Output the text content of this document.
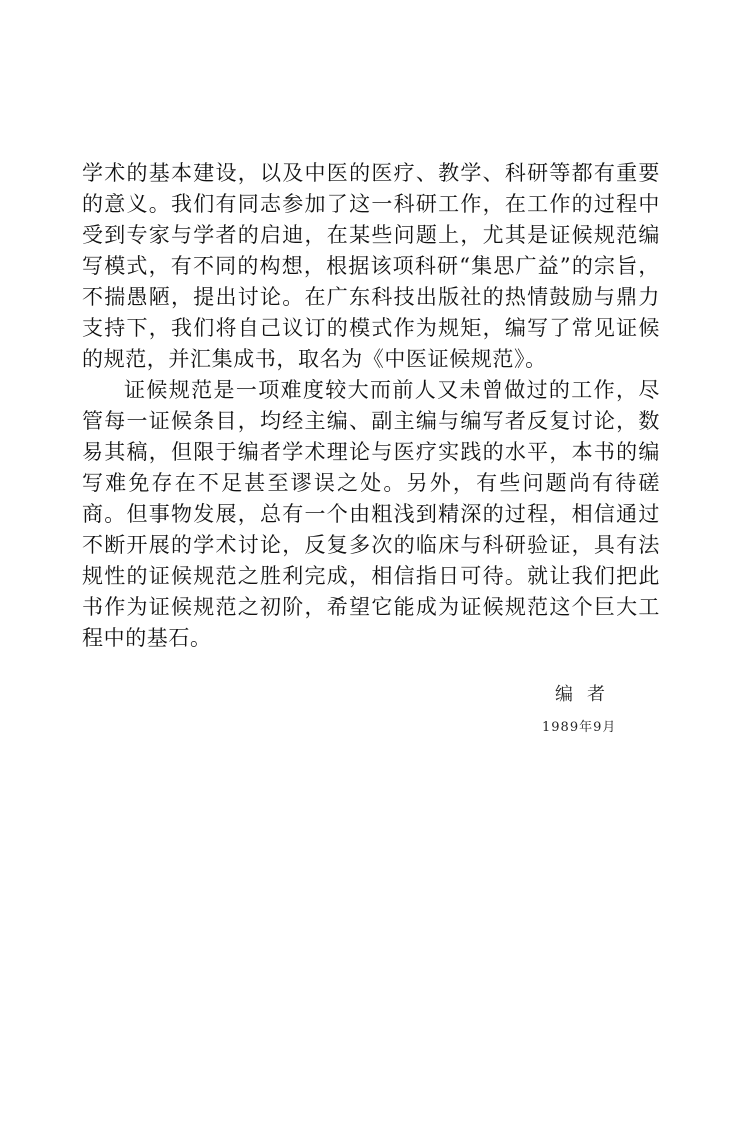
学术的基本建设，以及中医的医疗、教学、科研等都有重要
的意义。我们有同志参加了这一科研工作，在工作的过程中
受到专家与学者的启迪，在某些问题上，尤其是证候规范编
写模式，有不同的构想，根据该项科研“集思广益”的宗旨，
不揣愚陋，提出讨论。在广东科技出版社的热情鼓励与鼎力
支持下，我们将自己议订的模式作为规矩，编写了常见证候
的规范，并汇集成书，取名为《中医证候规范》。
证候规范是一项难度较大而前人又未曾做过的工作，尽
管每一证候条目，均经主编、副主编与编写者反复讨论，数
易其稿，但限于编者学术理论与医疗实践的水平，本书的编
写难免存在不足甚至谬误之处。另外，有些问题尚有待磋
商。但事物发展，总有一个由粗浅到精深的过程，相信通过
不断开展的学术讨论，反复多次的临床与科研验证，具有法
规性的证候规范之胜利完成，相信指日可待。就让我们把此
书作为证候规范之初阶，希望它能成为证候规范这个巨大工
程中的基石。
编者
1989年9月
